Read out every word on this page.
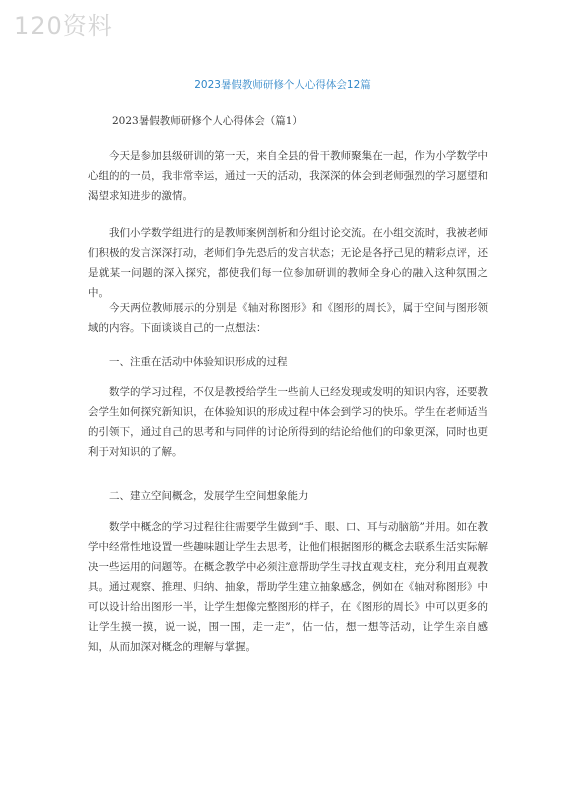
120资料
2023暑假教师研修个人心得体会12篇
2023暑假教师研修个人心得体会（篇1）

今天是参加县级研训的第一天，来自全县的骨干教师聚集在一起，作为小学数学中心组的的一员，我非常幸运，通过一天的活动，我深深的体会到老师强烈的学习愿望和渴望求知进步的激情。

我们小学数学组进行的是教师案例剖析和分组讨论交流。在小组交流时，我被老师们积极的发言深深打动，老师们争先恐后的发言状态；无论是各抒己见的精彩点评，还是就某一问题的深入探究，都使我们每一位参加研训的教师全身心的融入这种氛围之中。

今天两位教师展示的分别是《轴对称图形》和《图形的周长》，属于空间与图形领域的内容。下面谈谈自己的一点想法：

一、注重在活动中体验知识形成的过程

数学的学习过程，不仅是教授给学生一些前人已经发现或发明的知识内容，还要教会学生如何探究新知识，在体验知识的形成过程中体会到学习的快乐。学生在老师适当的引领下，通过自己的思考和与同伴的讨论所得到的结论给他们的印象更深，同时也更利于对知识的了解。

二、建立空间概念，发展学生空间想象能力

数学中概念的学习过程往往需要学生做到“手、眼、口、耳与动脑筋”并用。如在教学中经常性地设置一些趣味题让学生去思考，让他们根据图形的概念去联系生活实际解决一些运用的问题等。在概念教学中必须注意帮助学生寻找直观支柱，充分利用直观教具。通过观察、推理、归纳、抽象，帮助学生建立抽象感念，例如在《轴对称图形》中可以设计给出图形一半，让学生想像完整图形的样子，在《图形的周长》中可以更多的让学生摸一摸，说一说，围一围，走一走”，估一估，想一想等活动，让学生亲自感知，从而加深对概念的理解与掌握。
